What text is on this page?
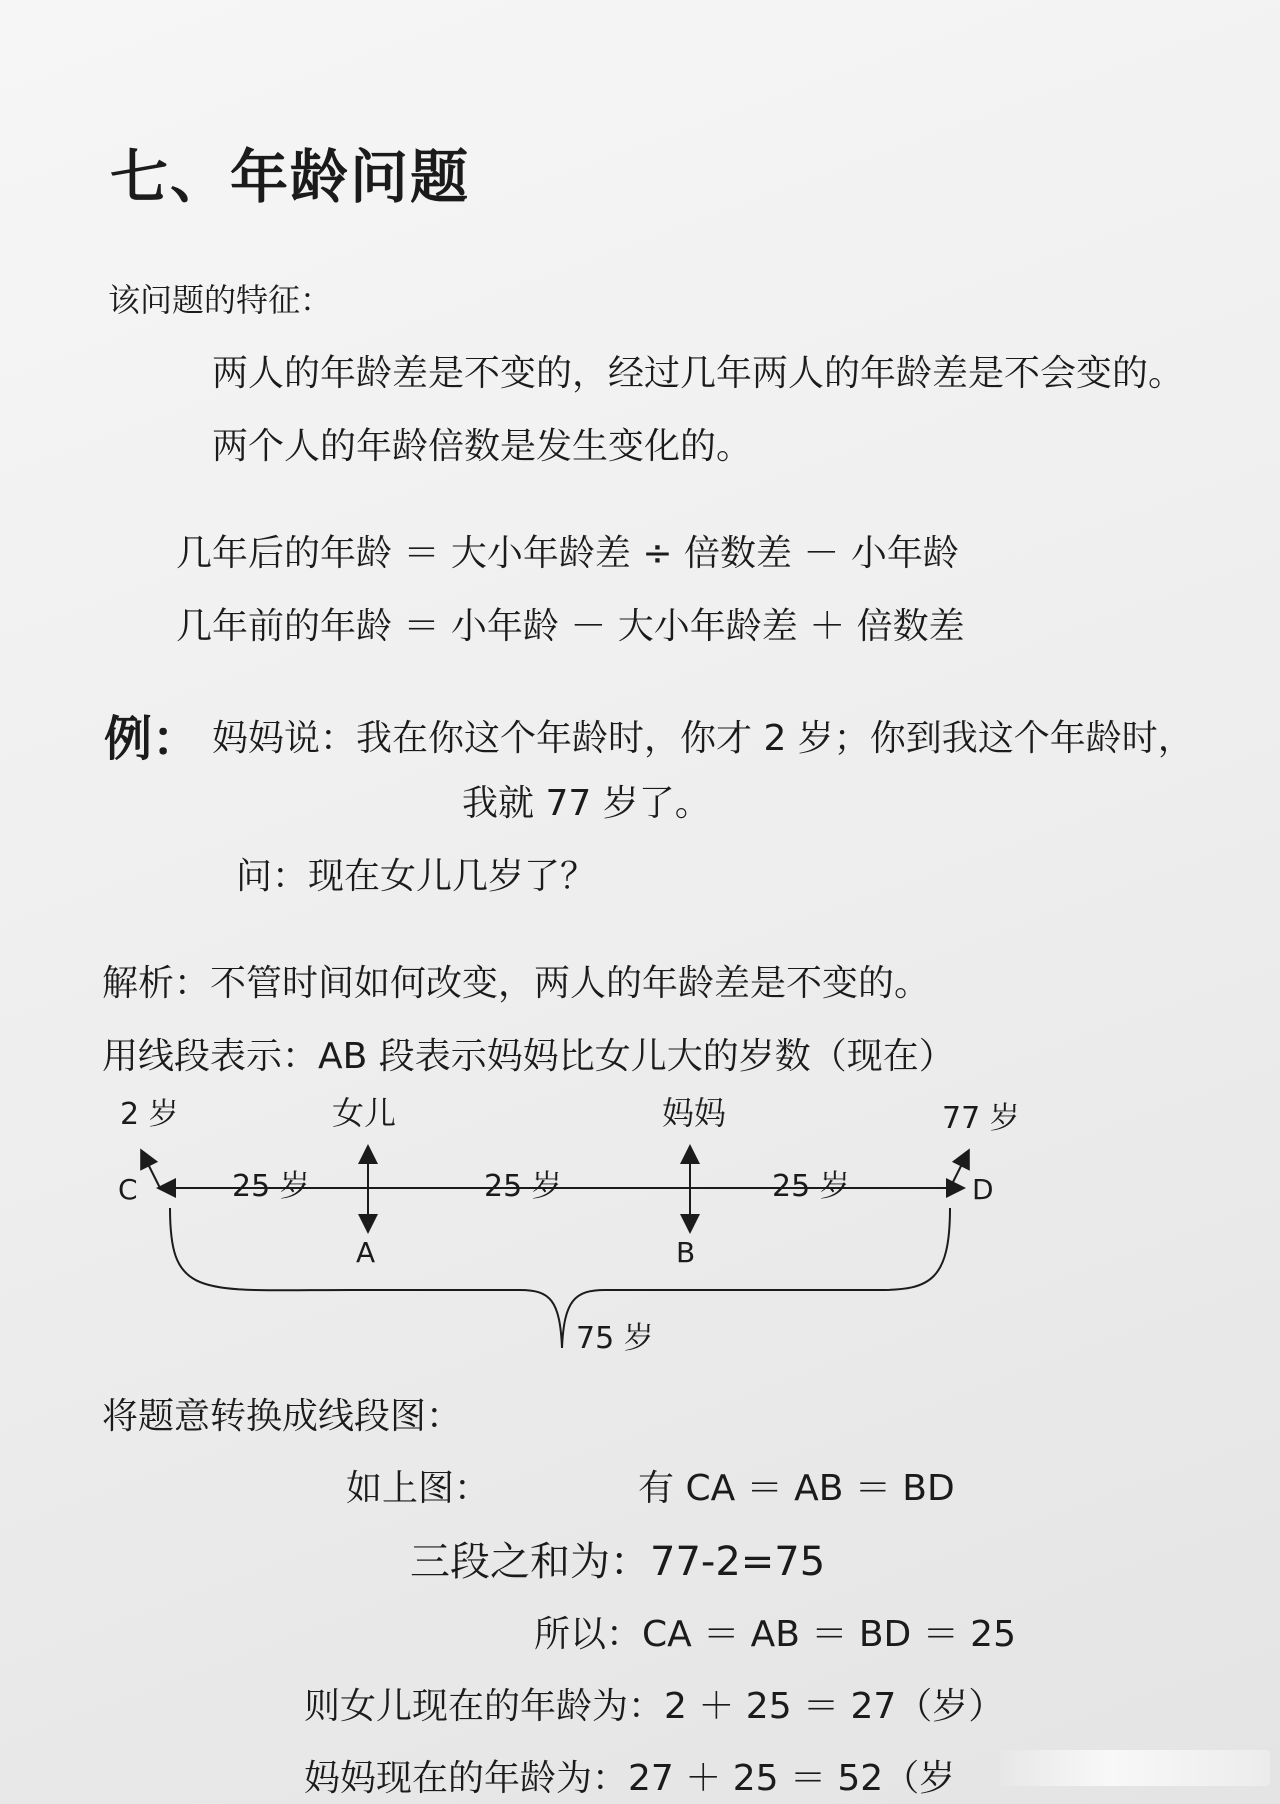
七、年龄问题
该问题的特征：
两人的年龄差是不变的，经过几年两人的年龄差是不会变的。
两个人的年龄倍数是发生变化的。
几年后的年龄 ＝ 大小年龄差 ÷ 倍数差 － 小年龄
几年前的年龄 ＝ 小年龄 － 大小年龄差 ＋ 倍数差
例： 妈妈说：我在你这个年龄时，你才 2 岁；你到我这个年龄时，
我就 77 岁了。
问：现在女儿几岁了？
解析：不管时间如何改变，两人的年龄差是不变的。
用线段表示：AB 段表示妈妈比女儿大的岁数（现在）
2 岁	女儿	妈妈	77 岁
C	D
A	B
25 岁	25 岁	25 岁
75 岁
将题意转换成线段图：
如上图：	有 CA ＝ AB ＝ BD
三段之和为：77-2=75
所以：CA ＝ AB ＝ BD ＝ 25
则女儿现在的年龄为：2 ＋ 25 ＝ 27（岁）
妈妈现在的年龄为：27 ＋ 25 ＝ 52（岁
